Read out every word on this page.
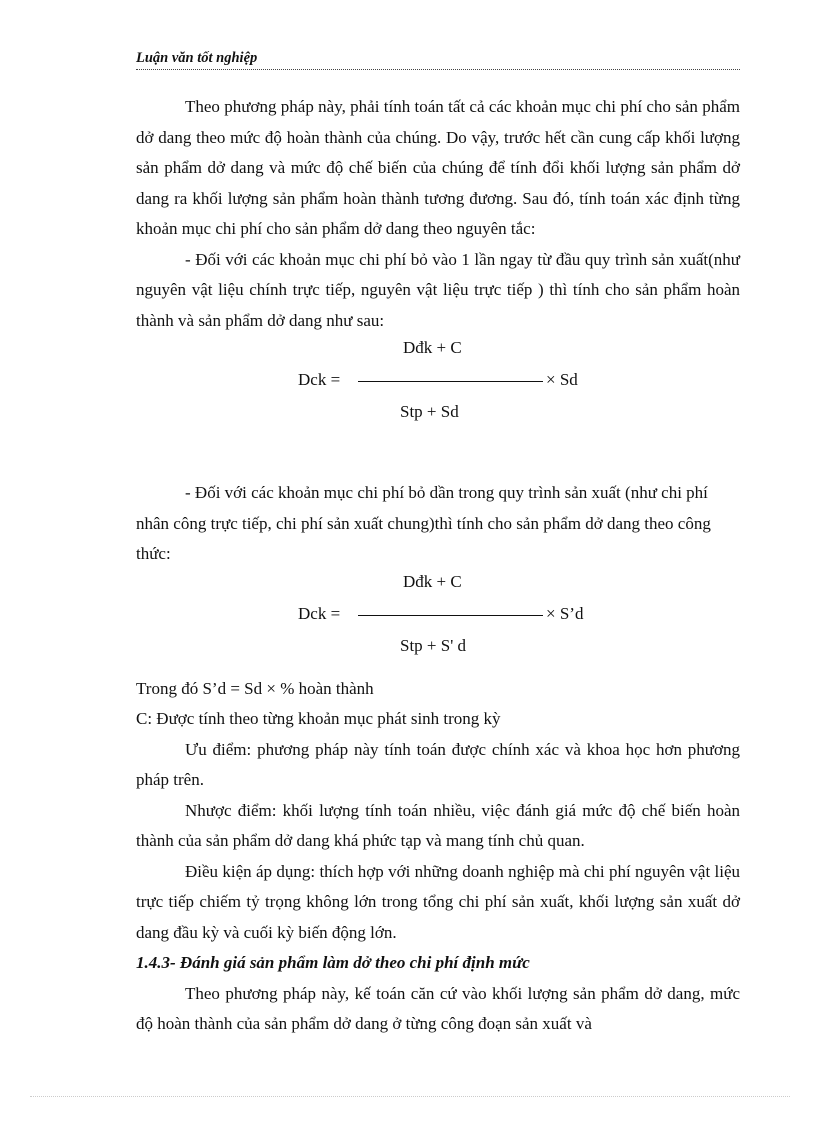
Luận văn tốt nghiệp

Theo phương pháp này, phải tính toán tất cả các khoản mục chi phí cho sản phẩm dở dang theo mức độ hoàn thành của chúng. Do vậy, trước hết cần cung cấp khối lượng sản phẩm dở dang và mức độ chế biến của chúng để tính đổi khối lượng sản phẩm dở dang ra khối lượng sản phẩm hoàn thành tương đương. Sau đó, tính toán xác định từng khoản mục chi phí cho sản phẩm dở dang theo nguyên tắc:

- Đối với các khoản mục chi phí bỏ vào 1 lần ngay từ đầu quy trình sản xuất(như nguyên vật liệu chính trực tiếp, nguyên vật liệu trực tiếp ) thì tính cho sản phẩm hoàn thành và sản phẩm dở dang như sau:

Dđk + C
Dck =	× Sd
Stp + Sd

- Đối với các khoản mục chi phí bỏ dần trong quy trình sản xuất (như chi phí nhân công trực tiếp, chi phí sản xuất chung)thì tính cho sản phẩm dở dang theo công thức:

Dđk + C
Dck =	× S’d
Stp + S' d

Trong đó S’d = Sd × % hoàn thành

C: Được tính theo từng khoản mục phát sinh trong kỳ

Ưu điểm: phương pháp này tính toán được chính xác và khoa học hơn phương pháp trên.

Nhược điểm: khối lượng tính toán nhiều, việc đánh giá mức độ chế biến hoàn thành của sản phẩm dở dang khá phức tạp và mang tính chủ quan.

Điều kiện áp dụng: thích hợp với những doanh nghiệp mà chi phí nguyên vật liệu trực tiếp chiếm tỷ trọng không lớn trong tổng chi phí sản xuất, khối lượng sản xuất dở dang đầu kỳ và cuối kỳ biến động lớn.

1.4.3- Đánh giá sản phẩm làm dở theo chi phí định mức

Theo phương pháp này, kế toán căn cứ vào khối lượng sản phẩm dở dang, mức độ hoàn thành của sản phẩm dở dang ở từng công đoạn sản xuất và
